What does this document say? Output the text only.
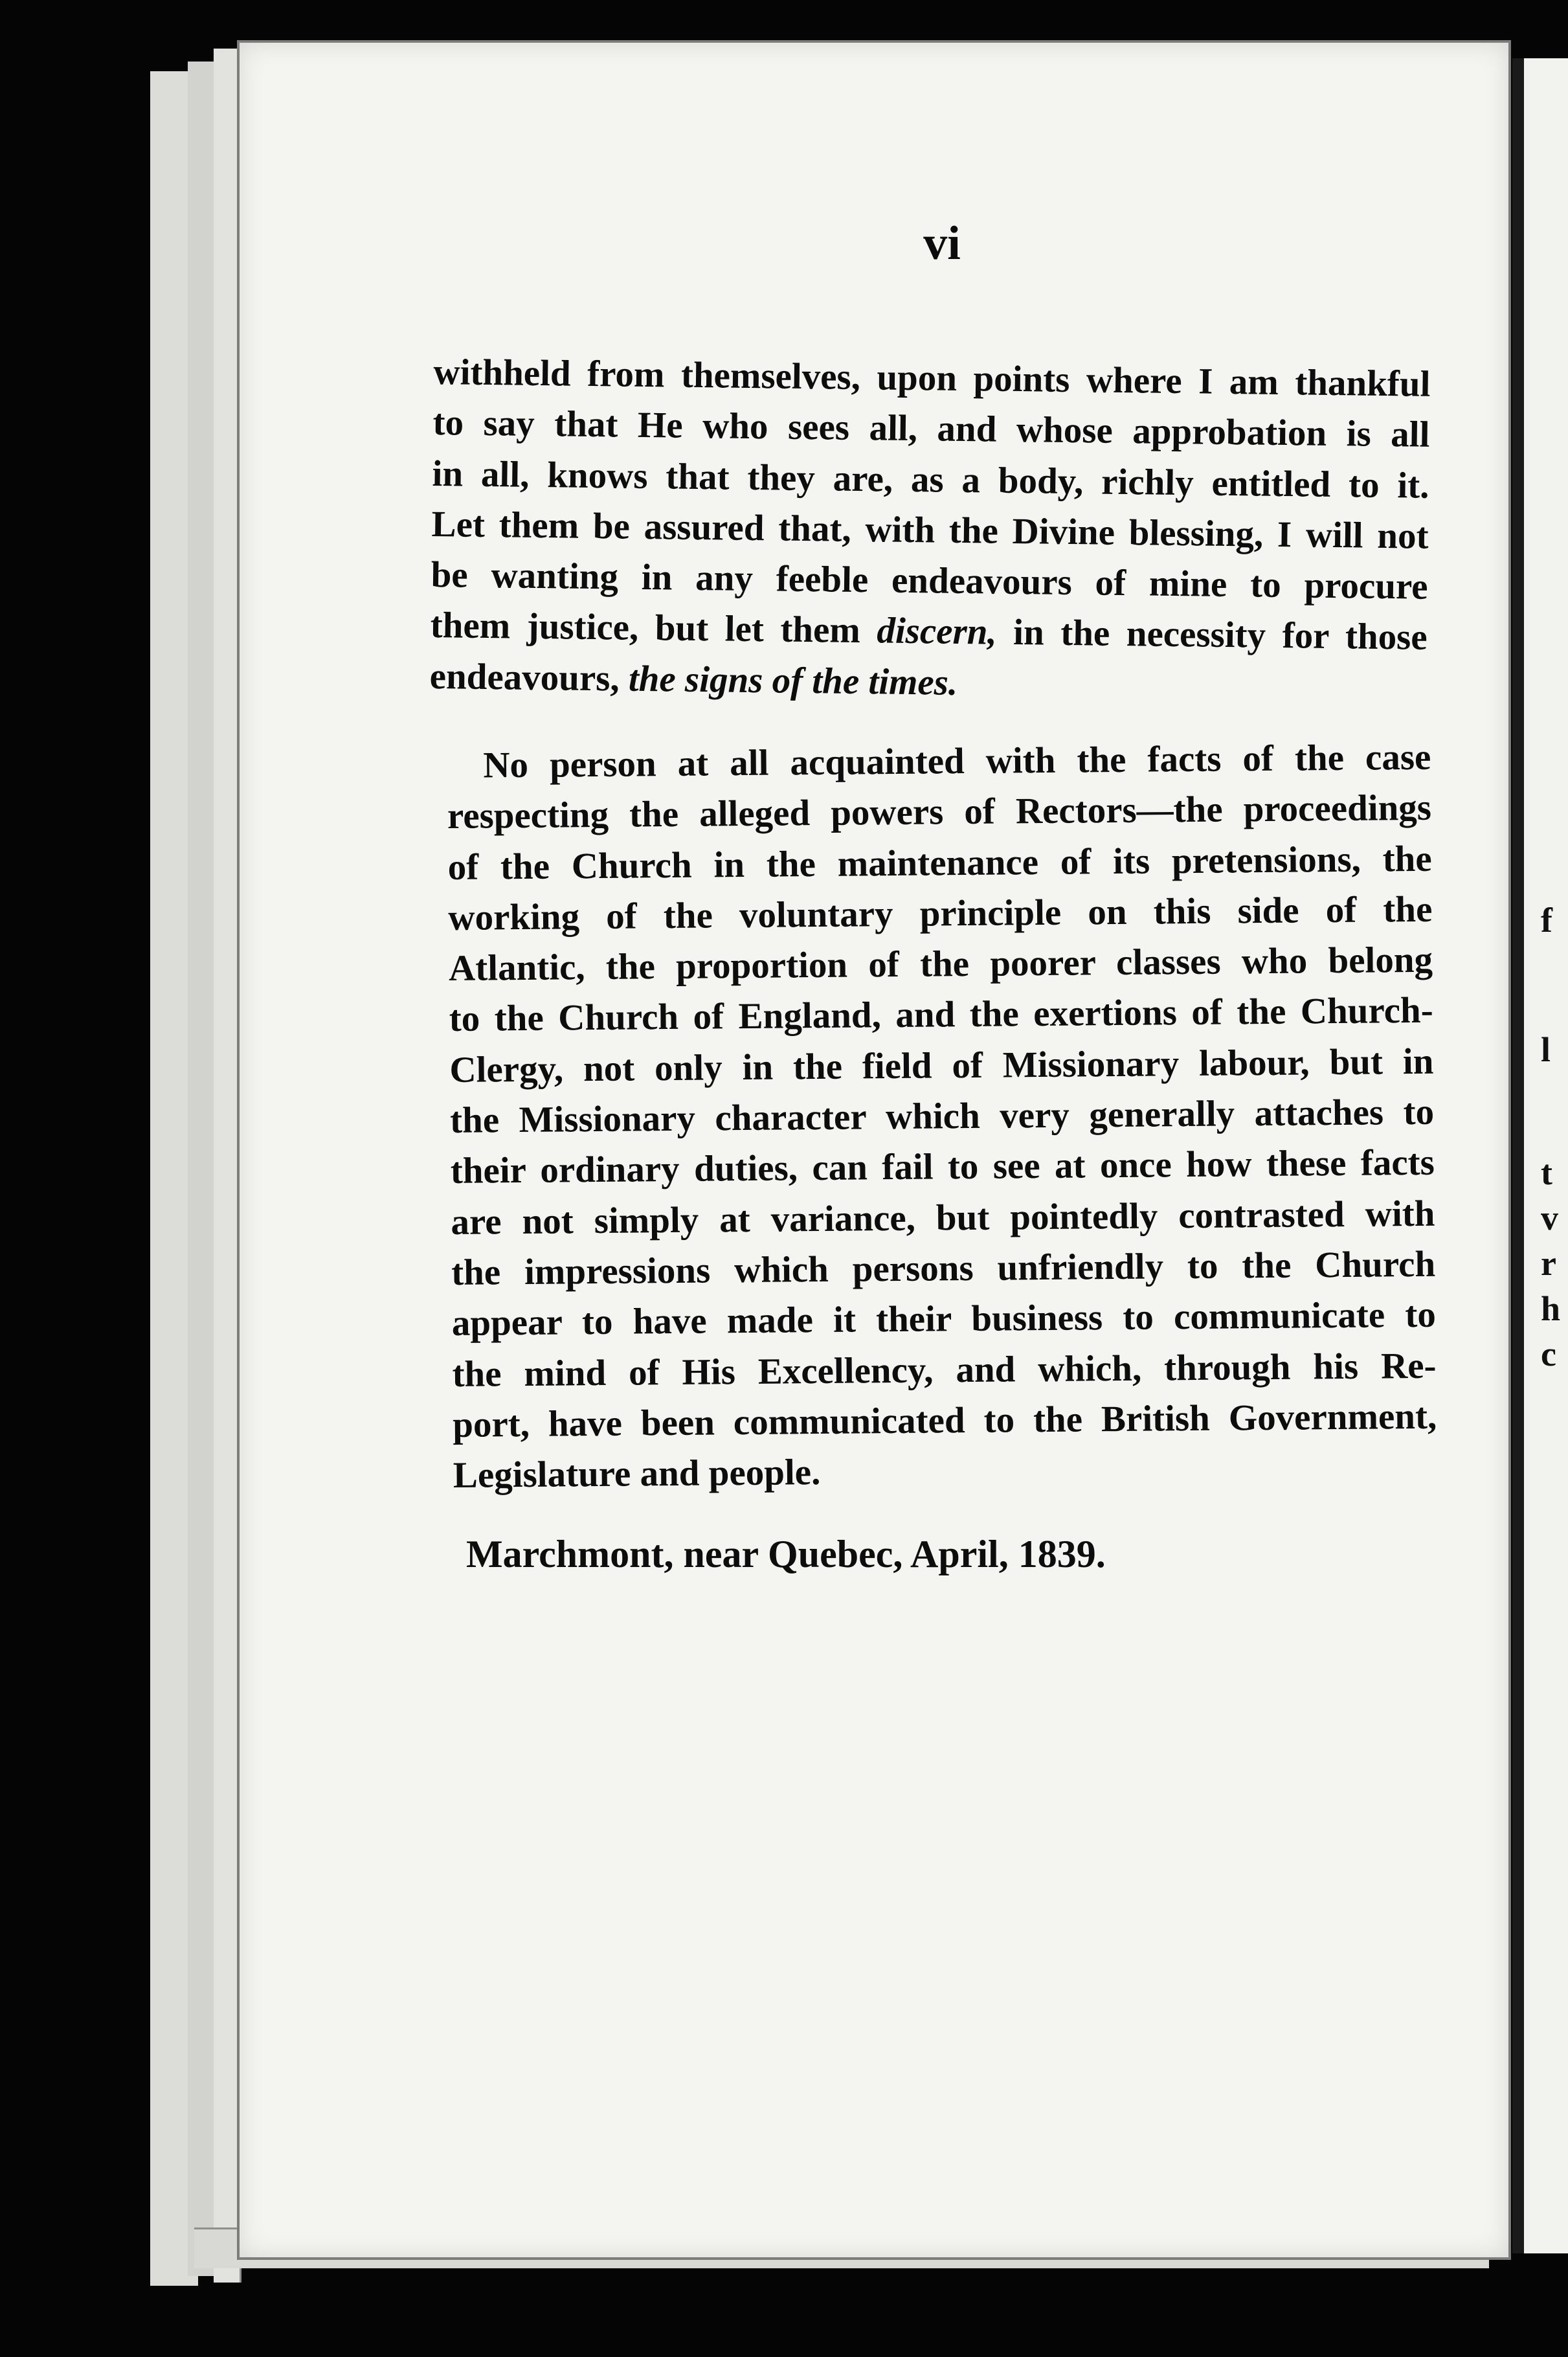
f
l
t
v
r
h
c
vi
withheld from themselves, upon points where I am thankful
to say that He who sees all, and whose approbation is all
in all, knows that they are, as a body, richly entitled to it.
Let them be assured that, with the Divine blessing, I will not
be wanting in any feeble endeavours of mine to procure
them justice, but let them discern, in the necessity for those
endeavours, the signs of the times.
No person at all acquainted with the facts of the case
respecting the alleged powers of Rectors—the proceedings
of the Church in the maintenance of its pretensions, the
working of the voluntary principle on this side of the
Atlantic, the proportion of the poorer classes who belong
to the Church of England, and the exertions of the Church-
Clergy, not only in the field of Missionary labour, but in
the Missionary character which very generally attaches to
their ordinary duties, can fail to see at once how these facts
are not simply at variance, but pointedly contrasted with
the impressions which persons unfriendly to the Church
appear to have made it their business to communicate to
the mind of His Excellency, and which, through his Re-
port, have been communicated to the British Government,
Legislature and people.
Marchmont, near Quebec, April, 1839.
